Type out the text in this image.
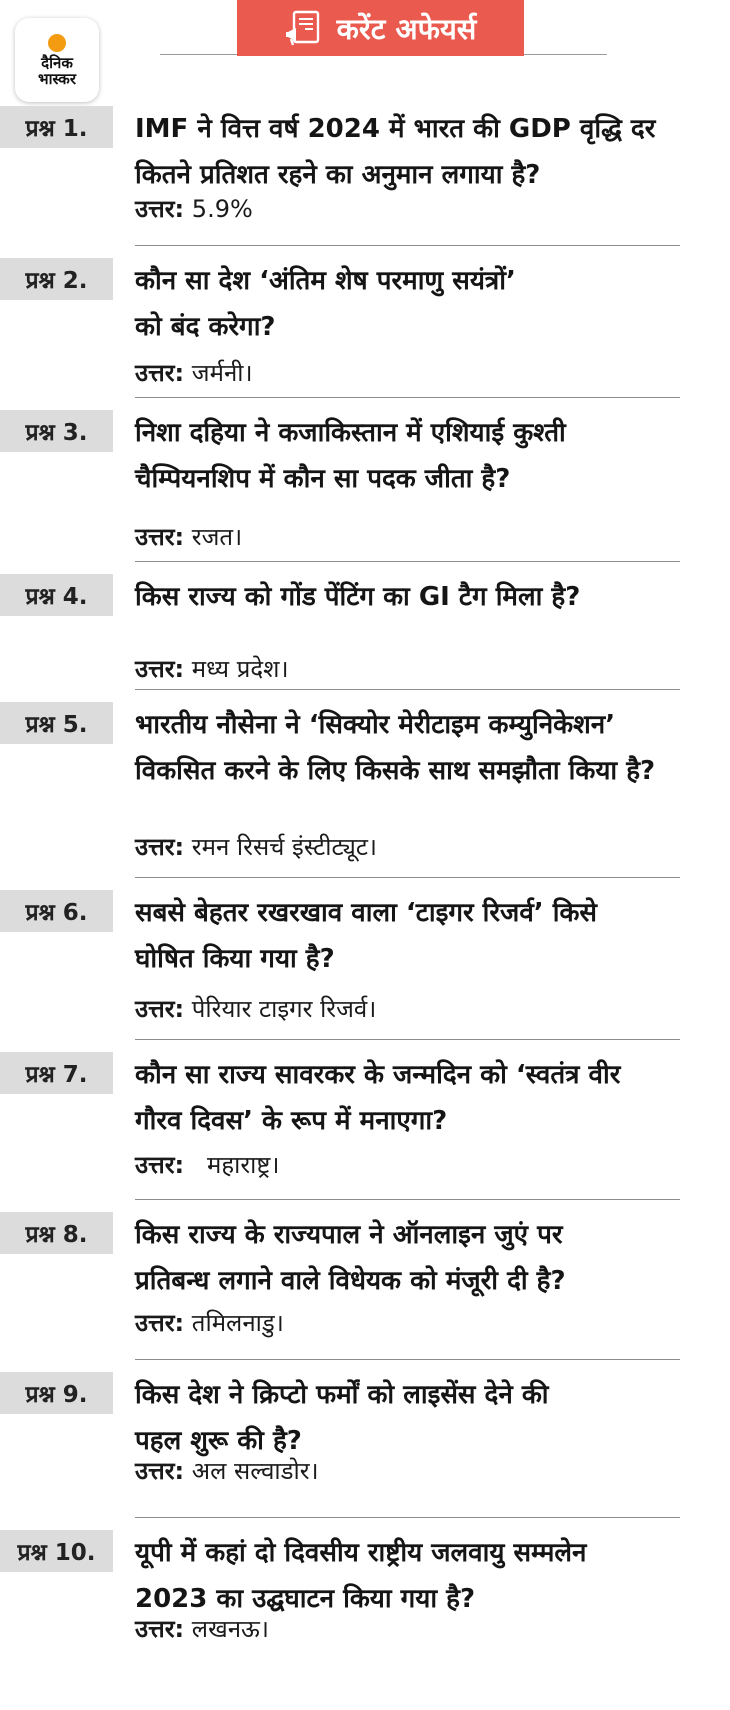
दैनिक
भास्कर
करेंट अफेयर्स
प्रश्न 1.	IMF ने वित्त वर्ष 2024 में भारत की GDP वृद्धि दर
कितने प्रतिशत रहने का अनुमान लगाया है?
उत्तर: 5.9%
प्रश्न 2.	कौन सा देश ‘अंतिम शेष परमाणु सयंत्रों’
को बंद करेगा?
उत्तर: जर्मनी।
प्रश्न 3.	निशा दहिया ने कजाकिस्तान में एशियाई कुश्ती
चैम्पियनशिप में कौन सा पदक जीता है?
उत्तर: रजत।
प्रश्न 4.	किस राज्य को गोंड पेंटिंग का GI टैग मिला है?
उत्तर: मध्य प्रदेश।
प्रश्न 5.	भारतीय नौसेना ने ‘सिक्योर मेरीटाइम कम्युनिकेशन’
विकसित करने के लिए किसके साथ समझौता किया है?
उत्तर: रमन रिसर्च इंस्टीट्यूट।
प्रश्न 6.	सबसे बेहतर रखरखाव वाला ‘टाइगर रिजर्व’ किसे
घोषित किया गया है?
उत्तर: पेरियार टाइगर रिजर्व।
प्रश्न 7.	कौन सा राज्य सावरकर के जन्मदिन को ‘स्वतंत्र वीर
गौरव दिवस’ के रूप में मनाएगा?
उत्तर: महाराष्ट्र।
प्रश्न 8.	किस राज्य के राज्यपाल ने ऑनलाइन जुएं पर
प्रतिबन्ध लगाने वाले विधेयक को मंजूरी दी है?
उत्तर: तमिलनाडु।
प्रश्न 9.	किस देश ने क्रिप्टो फर्मों को लाइसेंस देने की
पहल शुरू की है?
उत्तर: अल सल्वाडोर।
प्रश्न 10.	यूपी में कहां दो दिवसीय राष्ट्रीय जलवायु सम्मलेन
2023 का उद्घघाटन किया गया है?
उत्तर: लखनऊ।
